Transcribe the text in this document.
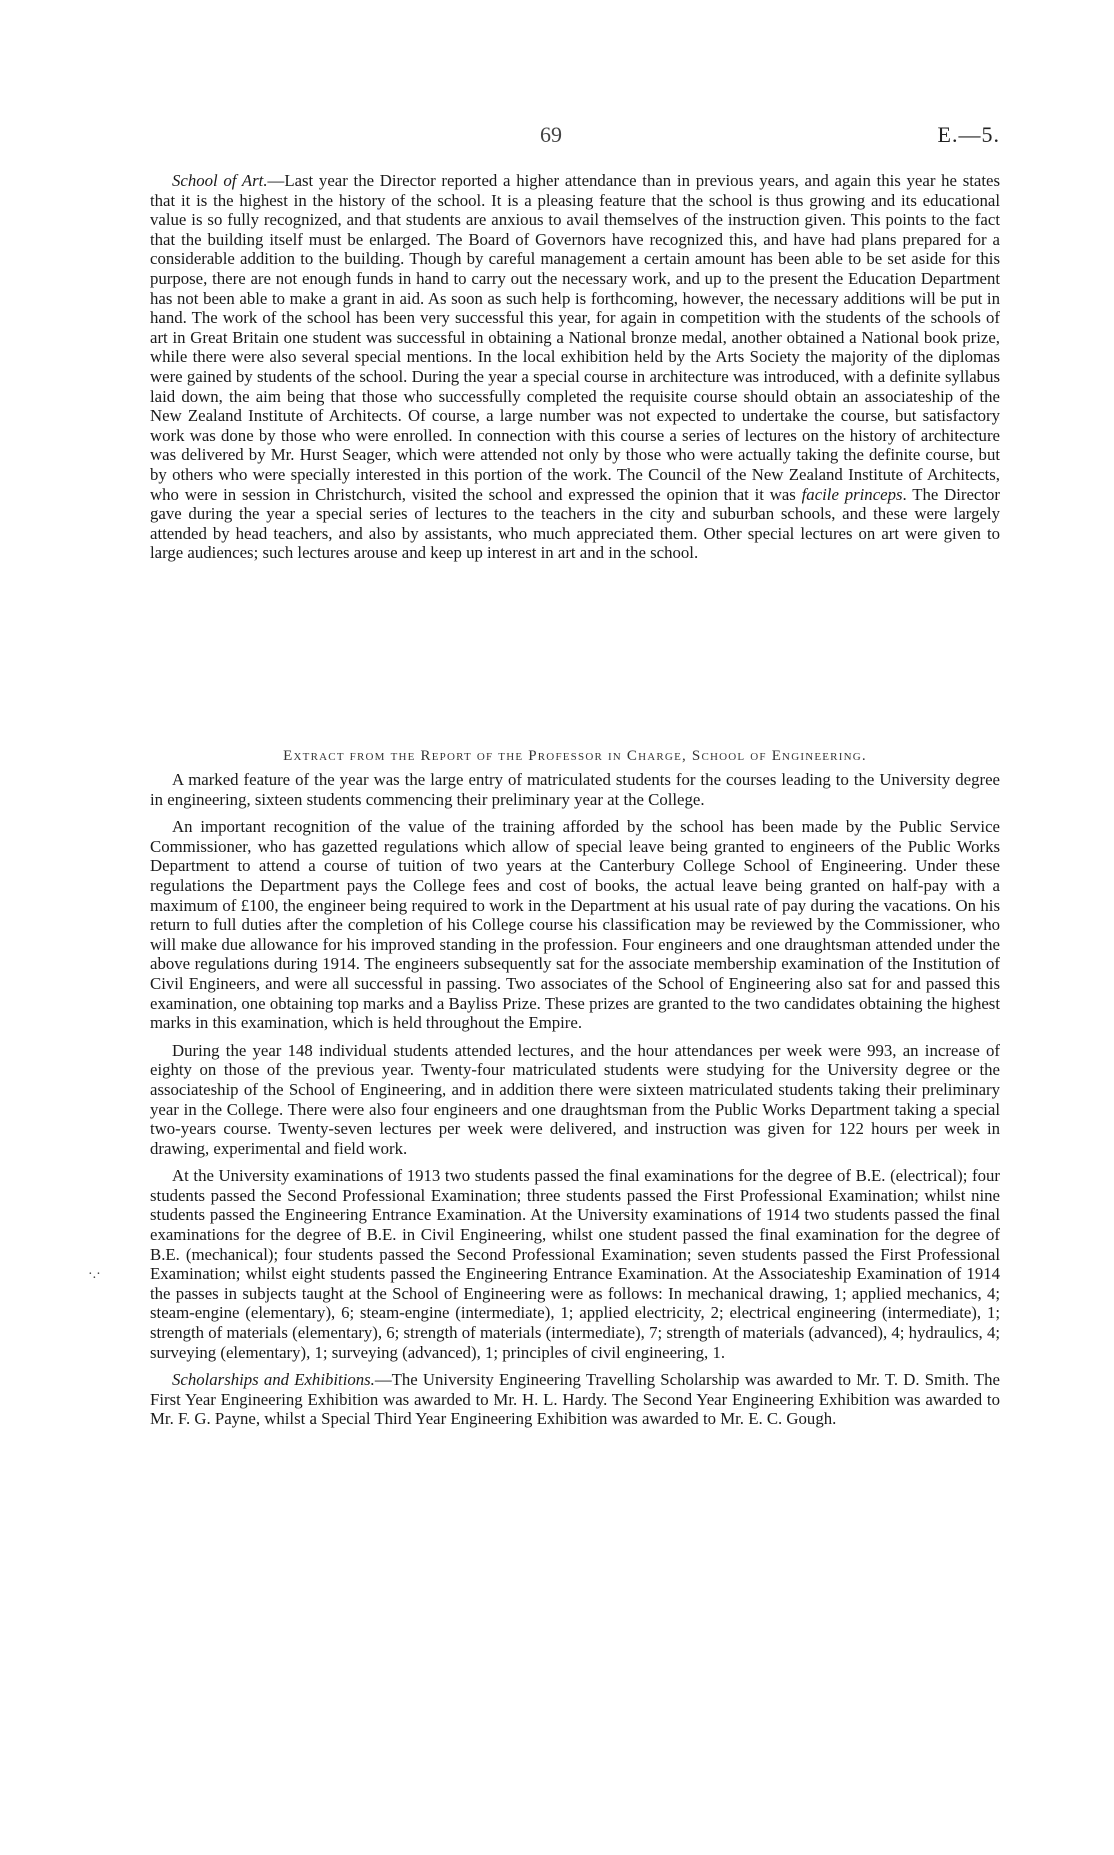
69	E.—5.

School of Art.—Last year the Director reported a higher attendance than in previous years, and again this year he states that it is the highest in the history of the school. It is a pleasing feature that the school is thus growing and its educational value is so fully recognized, and that students are anxious to avail themselves of the instruction given. This points to the fact that the building itself must be enlarged. The Board of Governors have recognized this, and have had plans prepared for a considerable addition to the building. Though by careful management a certain amount has been able to be set aside for this purpose, there are not enough funds in hand to carry out the necessary work, and up to the present the Education Department has not been able to make a grant in aid. As soon as such help is forthcoming, however, the necessary additions will be put in hand. The work of the school has been very successful this year, for again in competition with the students of the schools of art in Great Britain one student was successful in obtaining a National bronze medal, another obtained a National book prize, while there were also several special mentions. In the local exhibition held by the Arts Society the majority of the diplomas were gained by students of the school. During the year a special course in architecture was introduced, with a definite syllabus laid down, the aim being that those who successfully completed the requisite course should obtain an associateship of the New Zealand Institute of Architects. Of course, a large number was not expected to undertake the course, but satisfactory work was done by those who were enrolled. In connection with this course a series of lectures on the history of architecture was delivered by Mr. Hurst Seager, which were attended not only by those who were actually taking the definite course, but by others who were specially interested in this portion of the work. The Council of the New Zealand Institute of Architects, who were in session in Christchurch, visited the school and expressed the opinion that it was facile princeps. The Director gave during the year a special series of lectures to the teachers in the city and suburban schools, and these were largely attended by head teachers, and also by assistants, who much appreciated them. Other special lectures on art were given to large audiences; such lectures arouse and keep up interest in art and in the school.

Extract from the Report of the Professor in Charge, School of Engineering.

A marked feature of the year was the large entry of matriculated students for the courses leading to the University degree in engineering, sixteen students commencing their preliminary year at the College.

An important recognition of the value of the training afforded by the school has been made by the Public Service Commissioner, who has gazetted regulations which allow of special leave being granted to engineers of the Public Works Department to attend a course of tuition of two years at the Canterbury College School of Engineering. Under these regulations the Department pays the College fees and cost of books, the actual leave being granted on half-pay with a maximum of £100, the engineer being required to work in the Department at his usual rate of pay during the vacations. On his return to full duties after the completion of his College course his classification may be reviewed by the Commissioner, who will make due allowance for his improved standing in the profession. Four engineers and one draughtsman attended under the above regulations during 1914. The engineers subsequently sat for the associate membership examination of the Institution of Civil Engineers, and were all successful in passing. Two associates of the School of Engineering also sat for and passed this examination, one obtaining top marks and a Bayliss Prize. These prizes are granted to the two candidates obtaining the highest marks in this examination, which is held throughout the Empire.

During the year 148 individual students attended lectures, and the hour attendances per week were 993, an increase of eighty on those of the previous year. Twenty-four matriculated students were studying for the University degree or the associateship of the School of Engineering, and in addition there were sixteen matriculated students taking their preliminary year in the College. There were also four engineers and one draughtsman from the Public Works Department taking a special two-years course. Twenty-seven lectures per week were delivered, and instruction was given for 122 hours per week in drawing, experimental and field work.

At the University examinations of 1913 two students passed the final examinations for the degree of B.E. (electrical); four students passed the Second Professional Examination; three students passed the First Professional Examination; whilst nine students passed the Engineering Entrance Examination. At the University examinations of 1914 two students passed the final examinations for the degree of B.E. in Civil Engineering, whilst one student passed the final examination for the degree of B.E. (mechanical); four students passed the Second Professional Examination; seven students passed the First Professional Examination; whilst eight students passed the Engineering Entrance Examination. At the Associateship Examination of 1914 the passes in subjects taught at the School of Engineering were as follows: In mechanical drawing, 1; applied mechanics, 4; steam-engine (elementary), 6; steam-engine (intermediate), 1; applied electricity, 2; electrical engineering (intermediate), 1; strength of materials (elementary), 6; strength of materials (intermediate), 7; strength of materials (advanced), 4; hydraulics, 4; surveying (elementary), 1; surveying (advanced), 1; principles of civil engineering, 1.

Scholarships and Exhibitions.—The University Engineering Travelling Scholarship was awarded to Mr. T. D. Smith. The First Year Engineering Exhibition was awarded to Mr. H. L. Hardy. The Second Year Engineering Exhibition was awarded to Mr. F. G. Payne, whilst a Special Third Year Engineering Exhibition was awarded to Mr. E. C. Gough.

·.·
